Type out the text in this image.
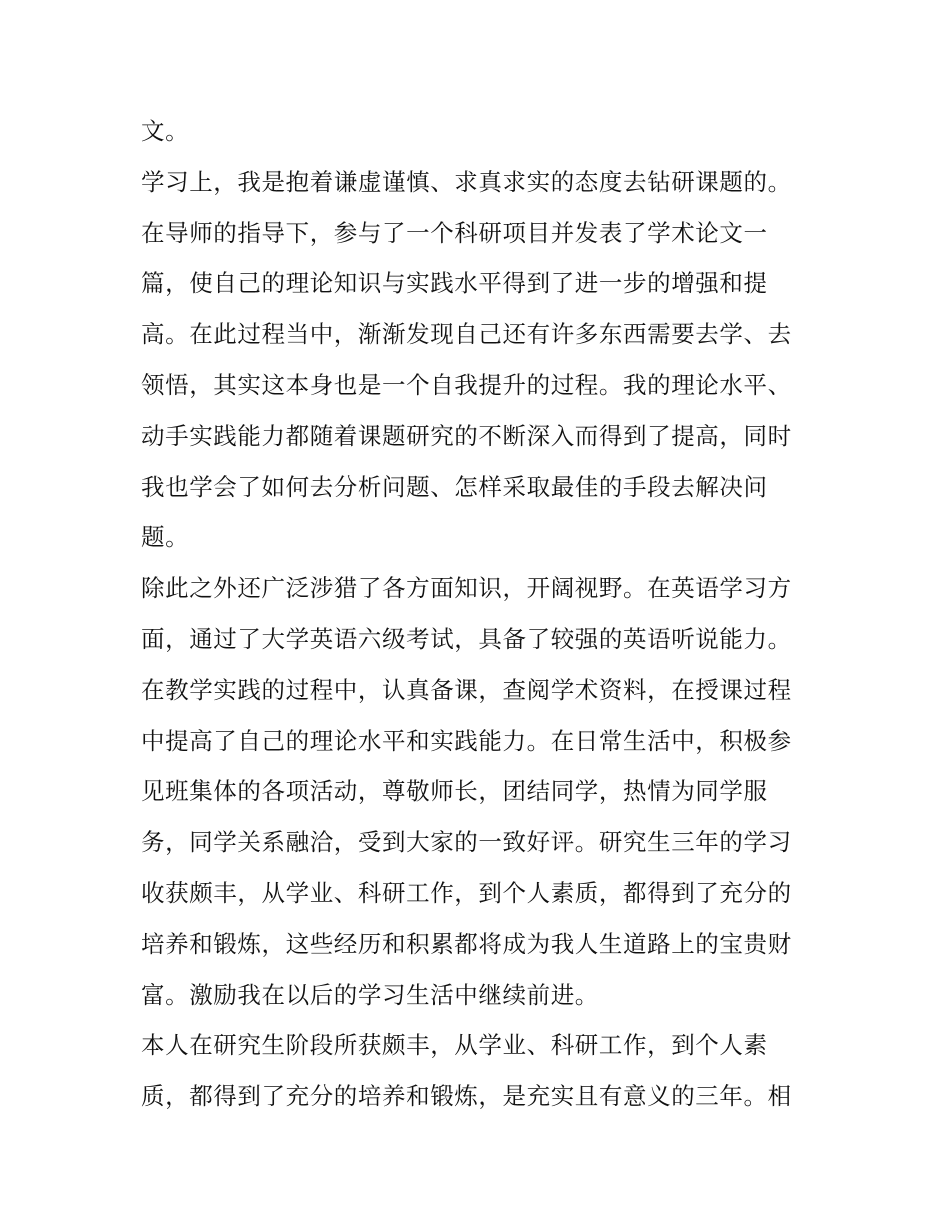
文。
学习上，我是抱着谦虚谨慎、求真求实的态度去钻研课题的。
在导师的指导下，参与了一个科研项目并发表了学术论文一
篇，使自己的理论知识与实践水平得到了进一步的增强和提
高。在此过程当中，渐渐发现自己还有许多东西需要去学、去
领悟，其实这本身也是一个自我提升的过程。我的理论水平、
动手实践能力都随着课题研究的不断深入而得到了提高，同时
我也学会了如何去分析问题、怎样采取最佳的手段去解决问
题。
除此之外还广泛涉猎了各方面知识，开阔视野。在英语学习方
面，通过了大学英语六级考试，具备了较强的英语听说能力。
在教学实践的过程中，认真备课，查阅学术资料，在授课过程
中提高了自己的理论水平和实践能力。在日常生活中，积极参
见班集体的各项活动，尊敬师长，团结同学，热情为同学服
务，同学关系融洽，受到大家的一致好评。研究生三年的学习
收获颇丰，从学业、科研工作，到个人素质，都得到了充分的
培养和锻炼，这些经历和积累都将成为我人生道路上的宝贵财
富。激励我在以后的学习生活中继续前进。
本人在研究生阶段所获颇丰，从学业、科研工作，到个人素
质，都得到了充分的培养和锻炼，是充实且有意义的三年。相
